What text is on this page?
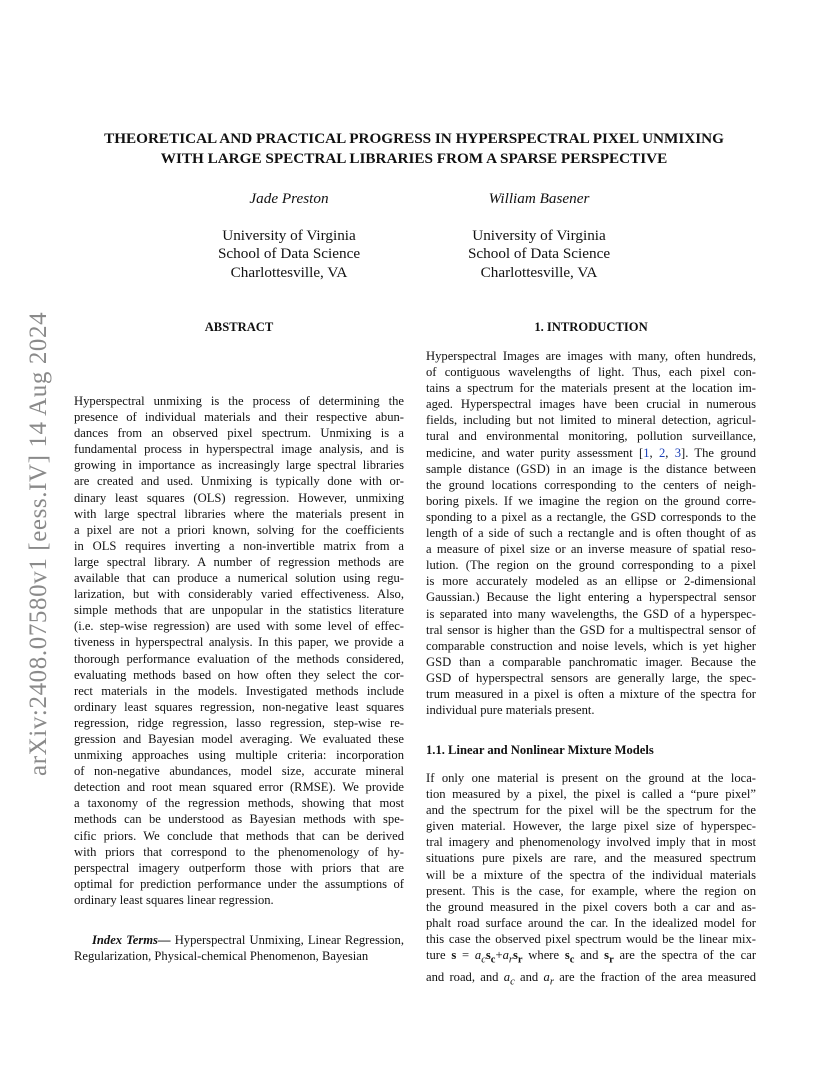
arXiv:2408.07580v1 [eess.IV] 14 Aug 2024
THEORETICAL AND PRACTICAL PROGRESS IN HYPERSPECTRAL PIXEL UNMIXING
WITH LARGE SPECTRAL LIBRARIES FROM A SPARSE PERSPECTIVE
Jade Preston
University of Virginia
School of Data Science
Charlottesville, VA
William Basener
University of Virginia
School of Data Science
Charlottesville, VA
ABSTRACT

Hyperspectral unmixing is the process of determining the

presence of individual materials and their respective abun-

dances from an observed pixel spectrum. Unmixing is a

fundamental process in hyperspectral image analysis, and is

growing in importance as increasingly large spectral libraries

are created and used. Unmixing is typically done with or-

dinary least squares (OLS) regression. However, unmixing

with large spectral libraries where the materials present in

a pixel are not a priori known, solving for the coefficients

in OLS requires inverting a non-invertible matrix from a

large spectral library. A number of regression methods are

available that can produce a numerical solution using regu-

larization, but with considerably varied effectiveness. Also,

simple methods that are unpopular in the statistics literature

(i.e. step-wise regression) are used with some level of effec-

tiveness in hyperspectral analysis. In this paper, we provide a

thorough performance evaluation of the methods considered,

evaluating methods based on how often they select the cor-

rect materials in the models. Investigated methods include

ordinary least squares regression, non-negative least squares

regression, ridge regression, lasso regression, step-wise re-

gression and Bayesian model averaging. We evaluated these

unmixing approaches using multiple criteria: incorporation

of non-negative abundances, model size, accurate mineral

detection and root mean squared error (RMSE). We provide

a taxonomy of the regression methods, showing that most

methods can be understood as Bayesian methods with spe-

cific priors. We conclude that methods that can be derived

with priors that correspond to the phenomenology of hy-

perspectral imagery outperform those with priors that are

optimal for prediction performance under the assumptions of

ordinary least squares linear regression.

Index Terms— Hyperspectral Unmixing, Linear Regression, Regularization, Physical-chemical Phenomenon, Bayesian
1. INTRODUCTION

Hyperspectral Images are images with many, often hundreds,

of contiguous wavelengths of light. Thus, each pixel con-

tains a spectrum for the materials present at the location im-

aged. Hyperspectral images have been crucial in numerous

fields, including but not limited to mineral detection, agricul-

tural and environmental monitoring, pollution surveillance,

medicine, and water purity assessment [1, 2, 3]. The ground

sample distance (GSD) in an image is the distance between

the ground locations corresponding to the centers of neigh-

boring pixels. If we imagine the region on the ground corre-

sponding to a pixel as a rectangle, the GSD corresponds to the

length of a side of such a rectangle and is often thought of as

a measure of pixel size or an inverse measure of spatial reso-

lution. (The region on the ground corresponding to a pixel

is more accurately modeled as an ellipse or 2-dimensional

Gaussian.) Because the light entering a hyperspectral sensor

is separated into many wavelengths, the GSD of a hyperspec-

tral sensor is higher than the GSD for a multispectral sensor of

comparable construction and noise levels, which is yet higher

GSD than a comparable panchromatic imager. Because the

GSD of hyperspectral sensors are generally large, the spec-

trum measured in a pixel is often a mixture of the spectra for

individual pure materials present.

1.1. Linear and Nonlinear Mixture Models

If only one material is present on the ground at the loca-

tion measured by a pixel, the pixel is called a “pure pixel”

and the spectrum for the pixel will be the spectrum for the

given material. However, the large pixel size of hyperspec-

tral imagery and phenomenology involved imply that in most

situations pure pixels are rare, and the measured spectrum

will be a mixture of the spectra of the individual materials

present. This is the case, for example, where the region on

the ground measured in the pixel covers both a car and as-

phalt road surface around the car. In the idealized model for

this case the observed pixel spectrum would be the linear mix-

ture $s = a_cs_c+a_rs_r$ where $s_c$ and $s_r$ are the spectra of the car

and road, and $a_c$ and $a_r$ are the fraction of the area measured
